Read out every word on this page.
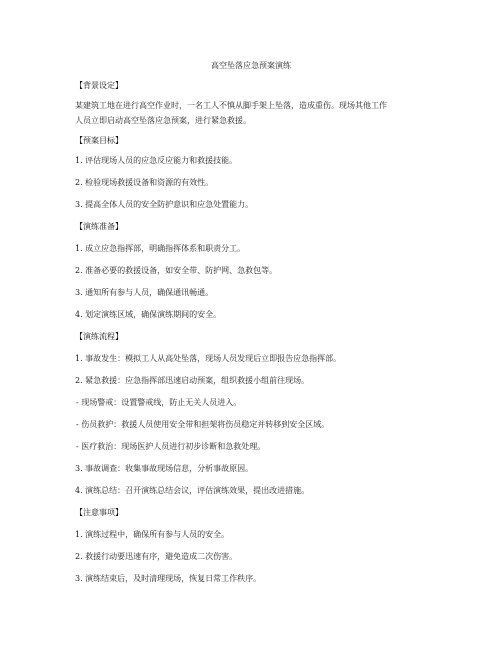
高空坠落应急预案演练
【背景设定】
某建筑工地在进行高空作业时，一名工人不慎从脚手架上坠落，造成重伤。现场其他工作
人员立即启动高空坠落应急预案，进行紧急救援。
【预案目标】
1. 评估现场人员的应急反应能力和救援技能。
2. 检验现场救援设备和资源的有效性。
3. 提高全体人员的安全防护意识和应急处置能力。
【演练准备】
1. 成立应急指挥部，明确指挥体系和职责分工。
2. 准备必要的救援设备，如安全带、防护网、急救包等。
3. 通知所有参与人员，确保通讯畅通。
4. 划定演练区域，确保演练期间的安全。
【演练流程】
1. 事故发生：模拟工人从高处坠落，现场人员发现后立即报告应急指挥部。
2. 紧急救援：应急指挥部迅速启动预案，组织救援小组前往现场。
- 现场警戒：设置警戒线，防止无关人员进入。
- 伤员救护：救援人员使用安全带和担架将伤员稳定并转移到安全区域。
- 医疗救治：现场医护人员进行初步诊断和急救处理。
3. 事故调查：收集事故现场信息，分析事故原因。
4. 演练总结：召开演练总结会议，评估演练效果，提出改进措施。
【注意事项】
1. 演练过程中，确保所有参与人员的安全。
2. 救援行动要迅速有序，避免造成二次伤害。
3. 演练结束后，及时清理现场，恢复日常工作秩序。
